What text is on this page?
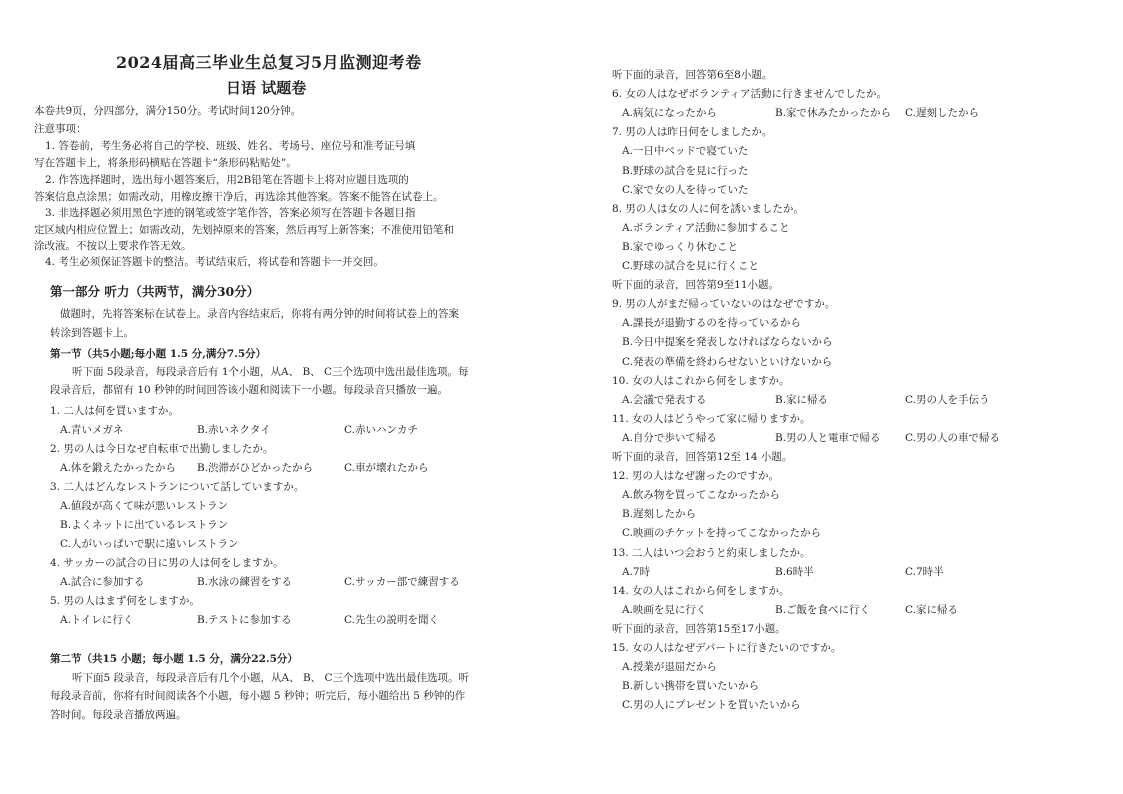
2024届高三毕业生总复习5月监测迎考卷
日语 试题卷
本卷共9页，分四部分，满分150分。考试时间120分钟。
注意事项：
1. 答卷前，考生务必将自己的学校、班级、姓名、考场号、座位号和准考证号填
写在答题卡上，将条形码横贴在答题卡“条形码粘贴处”。
2. 作答选择题时，选出每小题答案后，用2B铅笔在答题卡上将对应题目选项的
答案信息点涂黑；如需改动，用橡皮擦干净后，再选涂其他答案。答案不能答在试卷上。
3. 非选择题必须用黑色字迹的钢笔或签字笔作答，答案必须写在答题卡各题目指
定区域内相应位置上；如需改动，先划掉原来的答案，然后再写上新答案；不准使用铅笔和
涂改液。不按以上要求作答无效。
4. 考生必须保证答题卡的整洁。考试结束后，将试卷和答题卡一并交回。
第一部分 听力（共两节，满分30分）
做题时，先将答案标在试卷上。录音内容结束后，你将有两分钟的时间将试卷上的答案
转涂到答题卡上。
第一节（共5小题;每小题 1.5 分,满分7.5分）
听下面 5段录音，每段录音后有 1个小题，从A、 B、 C三个选项中选出最佳选项。每
段录音后，都留有 10 秒钟的时间回答该小题和阅读下一小题。每段录音只播放一遍。
1. 二人は何を買いますか。
A.青いメガネ	B.赤いネクタイ	C.赤いハンカチ
2. 男の人は今日なぜ自転車で出勤しましたか。
A.体を鍛えたかったから B.渋滞がひどかったから	C.車が壊れたから
3. 二人はどんなレストランについて話していますか。
A.値段が高くて味が悪いレストラン
B.よくネットに出ているレストラン
C.人がいっぱいで駅に遠いレストラン
4. サッカーの試合の日に男の人は何をしますか。
A.試合に参加する	B.水泳の練習をする	C.サッカー部で練習する
5. 男の人はまず何をしますか。
A.トイレに行く	B.テストに参加する	C.先生の説明を聞く
第二节（共15 小题；每小题 1.5 分，满分22.5分）
听下面5 段录音，每段录音后有几个小题，从A、 B、 C三个选项中选出最佳选项。听
每段录音前，你将有时间阅读各个小题，每小题 5 秒钟；听完后，每小题给出 5 秒钟的作
答时间。每段录音播放两遍。
听下面的录音，回答第6至8小题。
6. 女の人はなぜボランティア活動に行きませんでしたか。
A.病気になったから	B.家で休みたかったから C.遅刻したから
7. 男の人は昨日何をしましたか。
A.一日中ベッドで寝ていた
B.野球の試合を見に行った
C.家で女の人を待っていた
8. 男の人は女の人に何を誘いましたか。
A.ボランティア活動に参加すること
B.家でゆっくり休むこと
C.野球の試合を見に行くこと
听下面的录音，回答第9至11小题。
9. 男の人がまだ帰っていないのはなぜですか。
A.課長が退勤するのを待っているから
B.今日中提案を発表しなければならないから
C.発表の準備を終わらせないといけないから
10. 女の人はこれから何をしますか。
A.会議で発表する	B.家に帰る	C.男の人を手伝う
11. 女の人はどうやって家に帰りますか。
A.自分で歩いて帰る	B.男の人と電車で帰る C.男の人の車で帰る
听下面的录音，回答第12至 14 小题。
12. 男の人はなぜ謝ったのですか。
A.飲み物を買ってこなかったから
B.遅刻したから
C.映画のチケットを持ってこなかったから
13. 二人はいつ会おうと約束しましたか。
A.7時	B.6時半	C.7時半
14. 女の人はこれから何をしますか。
A.映画を見に行く	B.ご飯を食べに行く	C.家に帰る
听下面的录音，回答第15至17小题。
15. 女の人はなぜデパートに行きたいのですか。
A.授業が退屈だから
B.新しい携帯を買いたいから
C.男の人にプレゼントを買いたいから
